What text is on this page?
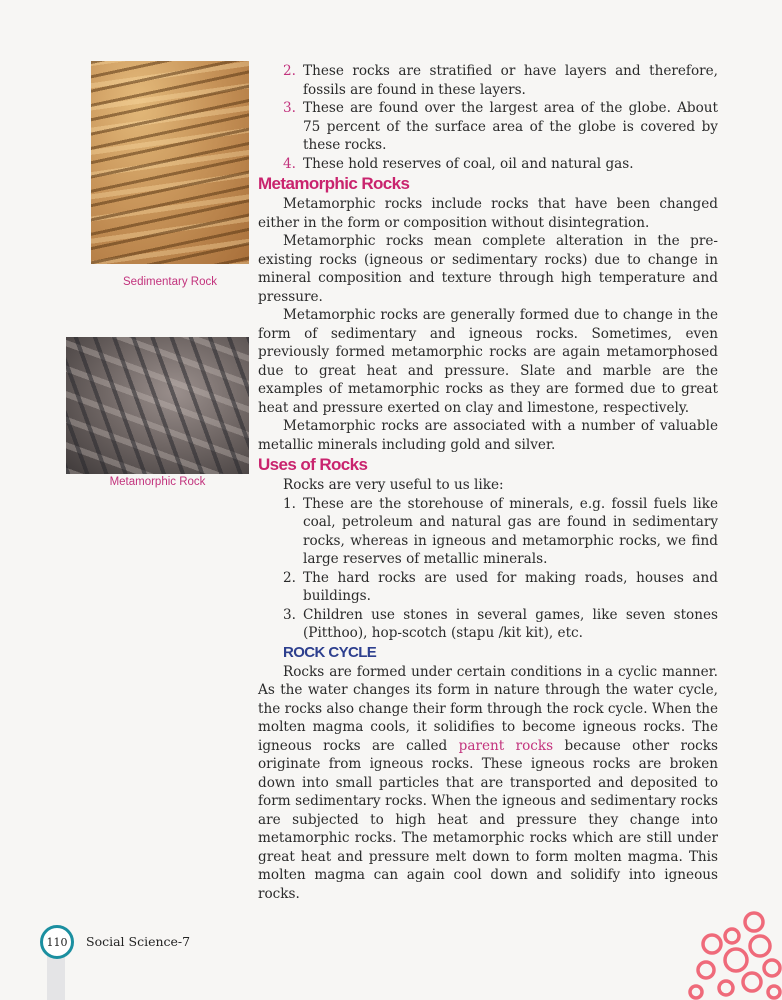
Sedimentary Rock
Metamorphic Rock
2. These rocks are stratified or have layers and therefore, fossils are found in these layers.
3. These are found over the largest area of the globe. About 75 percent of the surface area of the globe is covered by these rocks.
4. These hold reserves of coal, oil and natural gas.
Metamorphic Rocks

Metamorphic rocks include rocks that have been changed either in the form or composition without disintegration.

Metamorphic rocks mean complete alteration in the pre-existing rocks (igneous or sedimentary rocks) due to change in mineral composition and texture through high temperature and pressure.

Metamorphic rocks are generally formed due to change in the form of sedimentary and igneous rocks. Sometimes, even previously formed metamorphic rocks are again metamorphosed due to great heat and pressure. Slate and marble are the examples of metamorphic rocks as they are formed due to great heat and pressure exerted on clay and limestone, respectively.

Metamorphic rocks are associated with a number of valuable metallic minerals including gold and silver.

Uses of Rocks

Rocks are very useful to us like:

1. These are the storehouse of minerals, e.g. fossil fuels like coal, petroleum and natural gas are found in sedimentary rocks, whereas in igneous and metamorphic rocks, we find large reserves of metallic minerals.
2. The hard rocks are used for making roads, houses and buildings.
3. Children use stones in several games, like seven stones (Pitthoo), hop-scotch (stapu /kit kit), etc.
ROCK CYCLE

Rocks are formed under certain conditions in a cyclic manner. As the water changes its form in nature through the water cycle, the rocks also change their form through the rock cycle. When the molten magma cools, it solidifies to become igneous rocks. The igneous rocks are called parent rocks because other rocks originate from igneous rocks. These igneous rocks are broken down into small particles that are transported and deposited to form sedimentary rocks. When the igneous and sedimentary rocks are subjected to high heat and pressure they change into metamorphic rocks. The metamorphic rocks which are still under great heat and pressure melt down to form molten magma. This molten magma can again cool down and solidify into igneous rocks.

110 Social Science-7
